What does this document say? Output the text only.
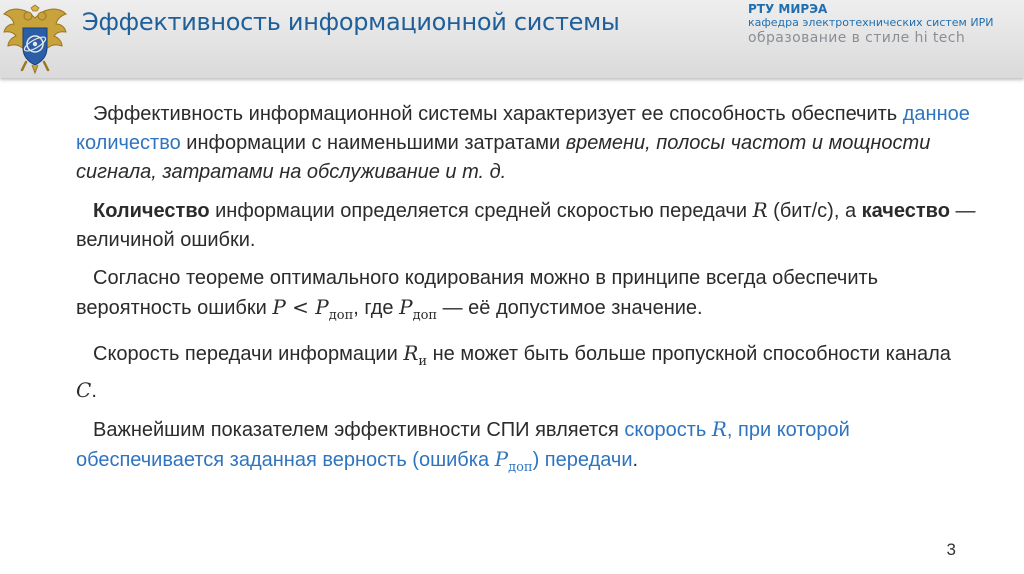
Эффективность информационной системы	РТУ МИРЭА
кафедра электротехнических систем ИРИ
образование в стиле hi tech

Эффективность информационной системы характеризует ее способность обеспечить данное количество информации с наименьшими затратами времени, полосы частот и мощности сигнала, затратами на обслуживание и т. д.

Количество информации определяется средней скоростью передачи R (бит/с), а качество — величиной ошибки.

Согласно теореме оптимального кодирования можно в принципе всегда обеспечить вероятность ошибки $P < P_{доп}$, где $P_{доп}$ — её допустимое значение.

Скорость передачи информации $R_и$ не может быть больше пропускной способности канала C.

Важнейшим показателем эффективности СПИ является скорость R, при которой обеспечивается заданная верность (ошибка $P_{доп}$) передачи.

3
